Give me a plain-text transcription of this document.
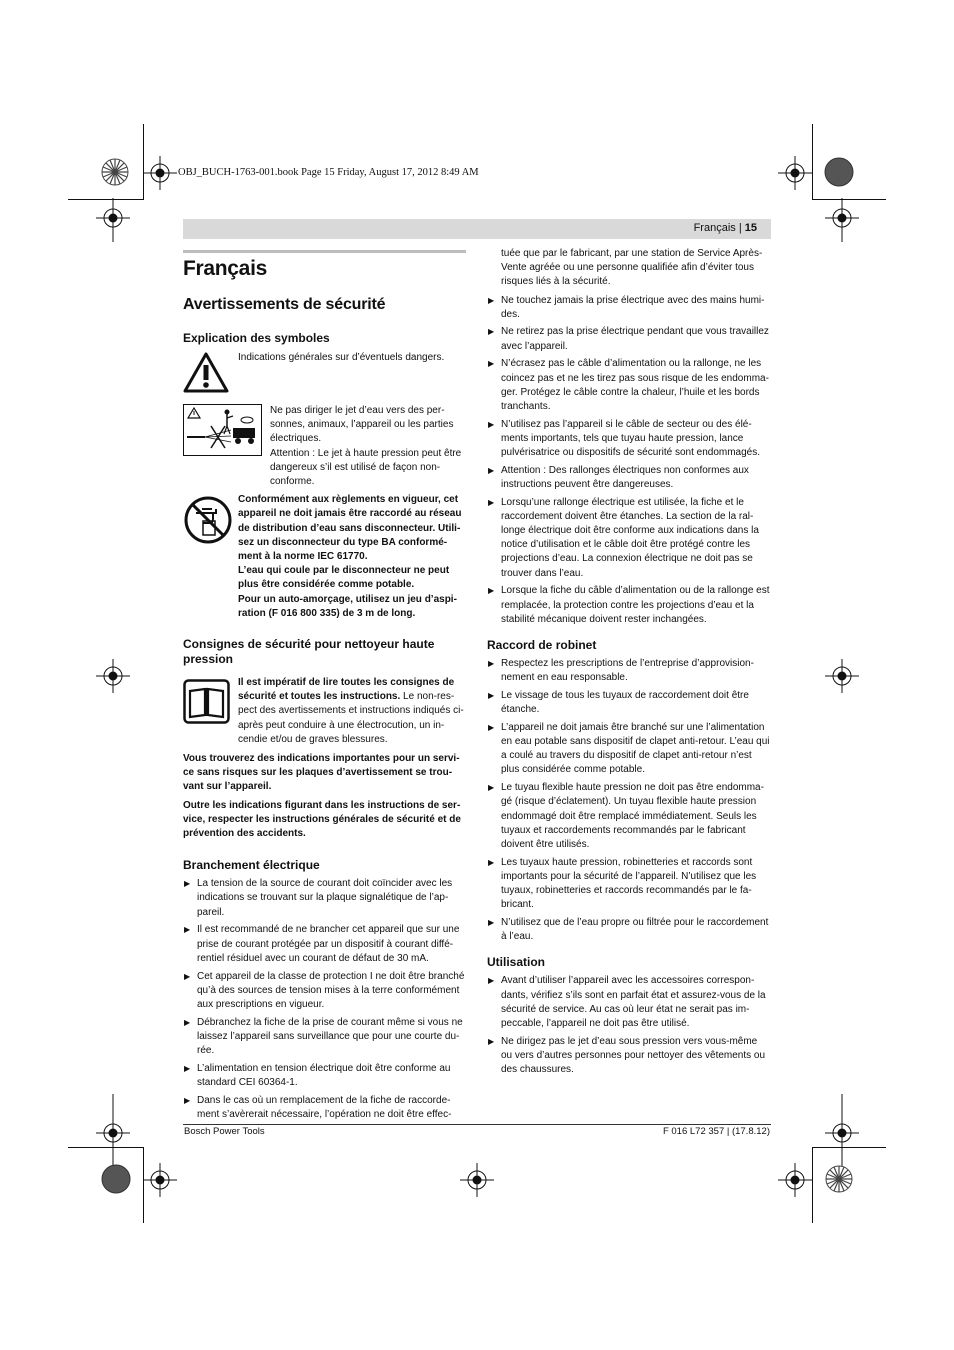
OBJ_BUCH-1763-001.book Page 15 Friday, August 17, 2012 8:49 AM
Français | 15
Français
Avertissements de sécurité
Explication des symboles

Indications générales sur d’éventuels dangers.

Ne pas diriger le jet d’eau vers des personnes, animaux, l’appareil ou les parties électriques.

Attention : Le jet à haute pression peut être dangereux s’il est utilisé de façon non-conforme.

Conformément aux règlements en vigueur, cet appareil ne doit jamais être raccordé au réseau de distribution d’eau sans disconnecteur. Utilisez un disconnecteur du type BA conformément à la norme IEC 61770.

L’eau qui coule par le disconnecteur ne peut plus être considérée comme potable.

Pour un auto-amorçage, utilisez un jeu d’aspiration (F 016 800 335) de 3 m de long.

Consignes de sécurité pour nettoyeur haute pression

Il est impératif de lire toutes les consignes de sécurité et toutes les instructions. Le non-respect des avertissements et instructions indiqués ci-après peut conduire à une électrocution, un incendie et/ou de graves blessures.

Vous trouverez des indications importantes pour un service sans risques sur les plaques d’avertissement se trouvant sur l’appareil.

Outre les indications figurant dans les instructions de service, respecter les instructions générales de sécurité et de prévention des accidents.

Branchement électrique
▶ La tension de la source de courant doit coïncider avec les indications se trouvant sur la plaque signalétique de l’appareil.
▶ Il est recommandé de ne brancher cet appareil que sur une prise de courant protégée par un dispositif à courant différentiel résiduel avec un courant de défaut de 30 mA.
▶ Cet appareil de la classe de protection I ne doit être branché qu’à des sources de tension mises à la terre conformément aux prescriptions en vigueur.
▶ Débranchez la fiche de la prise de courant même si vous ne laissez l’appareil sans surveillance que pour une courte durée.
▶ L’alimentation en tension électrique doit être conforme au standard CEI 60364-1.
▶ Dans le cas où un remplacement de la fiche de raccordement s’avèrerait nécessaire, l’opération ne doit être effec
uée que par le fabricant, par une station de Service Après-Vente agréée ou une personne qualifiée afin d’éviter tous risques liés à la sécurité.
▶ Ne touchez jamais la prise électrique avec des mains humides.
▶ Ne retirez pas la prise électrique pendant que vous travaillez avec l’appareil.
▶ N’écrasez pas le câble d’alimentation ou la rallonge, ne les coincez pas et ne les tirez pas sous risque de les endommager. Protégez le câble contre la chaleur, l’huile et les bords tranchants.
▶ N’utilisez pas l’appareil si le câble de secteur ou des éléments importants, tels que tuyau haute pression, lance pulvérisatrice ou dispositifs de sécurité sont endommagés.
▶ Attention : Des rallonges électriques non conformes aux instructions peuvent être dangereuses.
▶ Lorsqu’une rallonge électrique est utilisée, la fiche et le raccordement doivent être étanches. La section de la rallonge électrique doit être conforme aux indications dans la notice d’utilisation et le câble doit être protégé contre les projections d’eau. La connexion électrique ne doit pas se trouver dans l’eau.
▶ Lorsque la fiche du câble d’alimentation ou de la rallonge est remplacée, la protection contre les projections d’eau et la stabilité mécanique doivent rester inchangées.
Raccord de robinet
▶ Respectez les prescriptions de l’entreprise d’approvisionnement en eau responsable.
▶ Le vissage de tous les tuyaux de raccordement doit être étanche.
▶ L’appareil ne doit jamais être branché sur une l’alimentation en eau potable sans dispositif de clapet anti-retour. L’eau qui a coulé au travers du dispositif de clapet anti-retour n’est plus considérée comme potable.
▶ Le tuyau flexible haute pression ne doit pas être endommagé (risque d’éclatement). Un tuyau flexible haute pression endommagé doit être remplacé immédiatement. Seuls les tuyaux et raccordements recommandés par le fabricant doivent être utilisés.
▶ Les tuyaux haute pression, robinetteries et raccords sont importants pour la sécurité de l’appareil. N’utilisez que les tuyaux, robinetteries et raccords recommandés par le fabricant.
▶ N’utilisez que de l’eau propre ou filtrée pour le raccordement à l’eau.
Utilisation
▶ Avant d’utiliser l’appareil avec les accessoires correspondants, vérifiez s’ils sont en parfait état et assurez-vous de la sécurité de service. Au cas où leur état ne serait pas impeccable, l’appareil ne doit pas être utilisé.
▶ Ne dirigez pas le jet d’eau sous pression vers vous-même ou vers d’autres personnes pour nettoyer des vêtements ou des chaussures.
Bosch Power Tools	F 016 L72 357 | (17.8.12)
